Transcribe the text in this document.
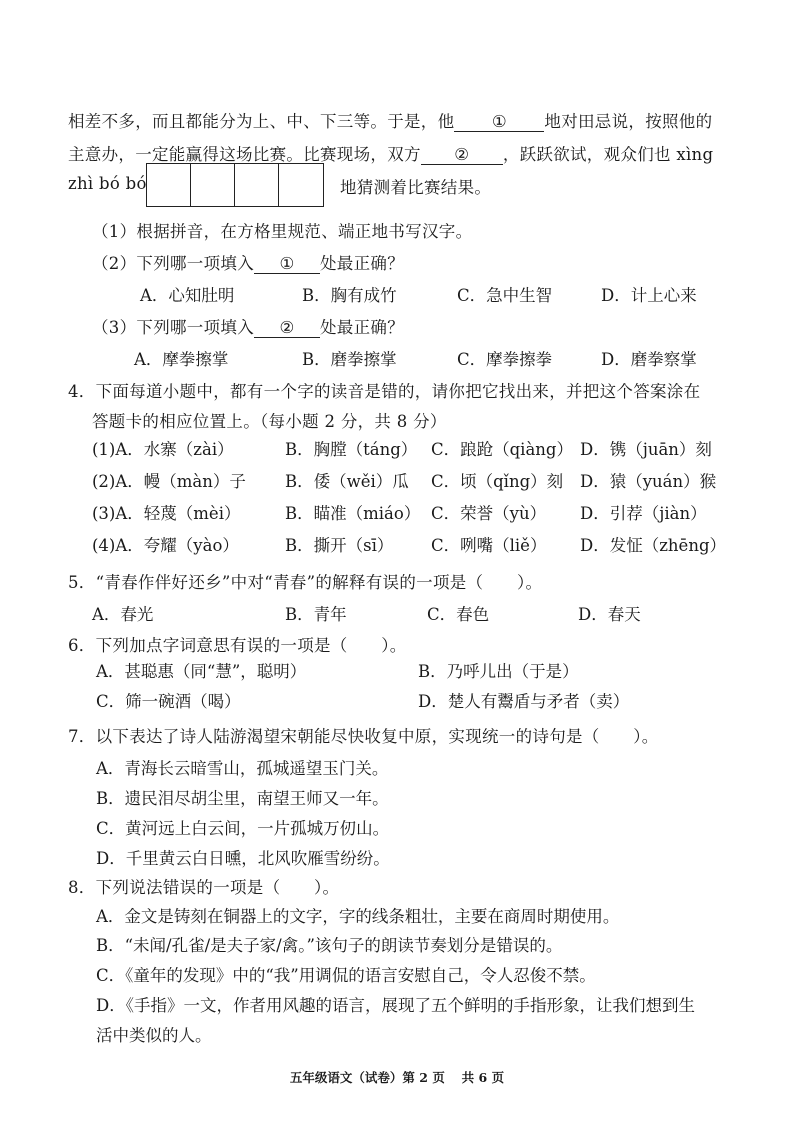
相差不多，而且都能分为上、中、下三等。于是，他 ① 地对田忌说，按照他的
主意办，一定能赢得这场比赛。比赛现场，双方 ② ，跃跃欲试，观众们也 xìng
zhì bó bó	地猜测着比赛结果。
（1）根据拼音，在方格里规范、端正地书写汉字。
（2）下列哪一项填入 ① 处最正确？
A．心知肚明	B．胸有成竹	C．急中生智	D．计上心来
（3）下列哪一项填入 ② 处最正确？
A．摩拳擦掌	B．磨拳擦掌	C．摩拳擦拳	D．磨拳察掌
4．下面每道小题中，都有一个字的读音是错的，请你把它找出来，并把这个答案涂在
答题卡的相应位置上。（每小题 2 分，共 8 分）
(1)A．水寨（zài）	B．胸膛（táng） C．踉跄（qiàng） D．镌（juān）刻
(2)A．幔（màn）子 B．倭（wěi）瓜 C．顷（qǐng）刻 D．猿（yuán）猴
(3)A．轻蔑（mèi）	B．瞄准（miáo） C．荣誉（yù） D．引荐（jiàn）
(4)A．夸耀（yào）	B．撕开（sī） C．咧嘴（liě） D．发怔（zhēng）
5．“青春作伴好还乡”中对“青春”的解释有误的一项是（　　）。
A．春光	B．青年	C．春色	D．春天
6．下列加点字词意思有误的一项是（　　）。
A．甚聪惠（同“慧”，聪明）	B．乃呼儿出（于是）
C．筛一碗酒（喝）	D．楚人有鬻盾与矛者（卖）
7．以下表达了诗人陆游渴望宋朝能尽快收复中原，实现统一的诗句是（　　）。
A．青海长云暗雪山，孤城遥望玉门关。
B．遗民泪尽胡尘里，南望王师又一年。
C．黄河远上白云间，一片孤城万仞山。
D．千里黄云白日曛，北风吹雁雪纷纷。
8．下列说法错误的一项是（　　）。
A．金文是铸刻在铜器上的文字，字的线条粗壮，主要在商周时期使用。
B．“未闻/孔雀/是夫子家/禽。”该句子的朗读节奏划分是错误的。
C．《童年的发现》中的“我”用调侃的语言安慰自己，令人忍俊不禁。
D．《手指》一文，作者用风趣的语言，展现了五个鲜明的手指形象，让我们想到生
活中类似的人。
五年级语文（试卷）第 2 页　 共 6 页
